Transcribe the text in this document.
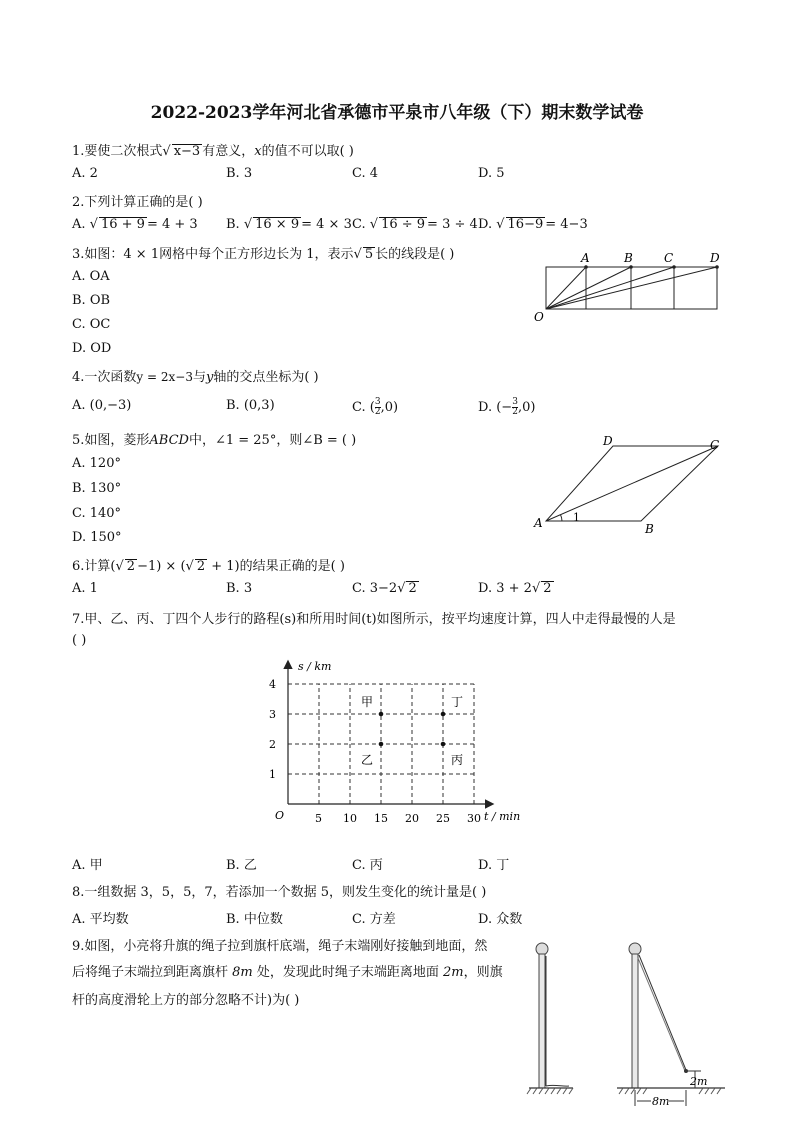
2022-2023学年河北省承德市平泉市八年级（下）期末数学试卷
1.要使二次根式√ x−3 有意义，x的值不可以取( )
A. 2	B. 3	C. 4	D. 5
2.下列计算正确的是( )
A. √ 16 + 9 = 4 + 3 B. √ 16 × 9 = 4 × 3 C. √ 16 ÷ 9 = 3 ÷ 4 D. √ 16−9 = 4−3
3.如图：4 × 1网格中每个正方形边长为 1，表示√ 5 长的线段是( )
A. OA
B. OB
C. OC
D. OD
O
A	B	C	D
4.一次函数y = 2x−3与y轴的交点坐标为( )
A. (0,−3)	B. (0,3)	C. ( $\frac{3}{2} ,0$)	D. (− $\frac{3}{2} ,0$)
5.如图，菱形ABCD中，∠1 = 25°，则∠B = ( )
A. 120°
B. 130°
C. 140°
D. 150°
A	B
C
D
1
6.计算(√ 2 −1) × (√ 2 + 1)的结果正确的是( )
A. 1	B. 3	C. 3−2√ 2	D. 3 + 2√ 2
7.甲、乙、丙、丁四个人步行的路程(s)和所用时间(t)如图所示，按平均速度计算，四人中走得最慢的人是
( )
5 10 15 20 25 30
1
2
3
4
甲
乙
丁
丙
s / km
t / min
O
A. 甲	B. 乙	C. 丙	D. 丁
8.一组数据 3，5，5，7，若添加一个数据 5，则发生变化的统计量是( )
A. 平均数	B. 中位数	C. 方差	D. 众数
9.如图，小亮将升旗的绳子拉到旗杆底端，绳子末端刚好接触到地面，然
后将绳子末端拉到距离旗杆 8m 处，发现此时绳子末端距离地面 2m，则旗
杆的高度滑轮上方的部分忽略不计)为( )
2m
8m
